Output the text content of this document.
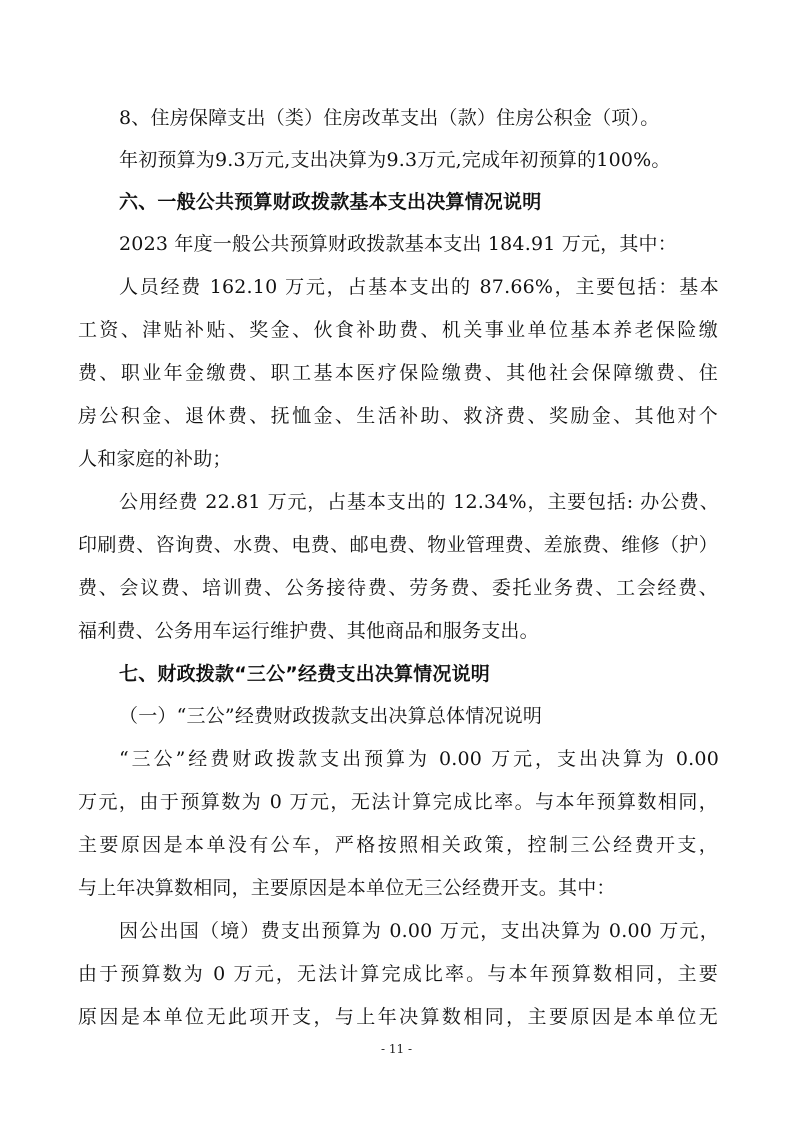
8、住房保障支出（类）住房改革支出（款）住房公积金（项）。
年初预算为9.3万元,支出决算为9.3万元,完成年初预算的100%。
六、一般公共预算财政拨款基本支出决算情况说明
2023 年度一般公共预算财政拨款基本支出 184.91 万元，其中：
人员经费 162.10 万元，占基本支出的 87.66%，主要包括：基本
工资、津贴补贴、奖金、伙食补助费、机关事业单位基本养老保险缴
费、职业年金缴费、职工基本医疗保险缴费、其他社会保障缴费、住
房公积金、退休费、抚恤金、生活补助、救济费、奖励金、其他对个
人和家庭的补助；
公用经费 22.81 万元，占基本支出的 12.34%，主要包括: 办公费、
印刷费、咨询费、水费、电费、邮电费、物业管理费、差旅费、维修（护）
费、会议费、培训费、公务接待费、劳务费、委托业务费、工会经费、
福利费、公务用车运行维护费、其他商品和服务支出。
七、财政拨款“三公”经费支出决算情况说明
（一）“三公”经费财政拨款支出决算总体情况说明
“三公”经费财政拨款支出预算为 0.00 万元，支出决算为 0.00
万元，由于预算数为 0 万元，无法计算完成比率。与本年预算数相同，
主要原因是本单没有公车，严格按照相关政策，控制三公经费开支，
与上年决算数相同，主要原因是本单位无三公经费开支。其中：
因公出国（境）费支出预算为 0.00 万元，支出决算为 0.00 万元，
由于预算数为 0 万元，无法计算完成比率。与本年预算数相同，主要
原因是本单位无此项开支，与上年决算数相同，主要原因是本单位无
- 11 -
